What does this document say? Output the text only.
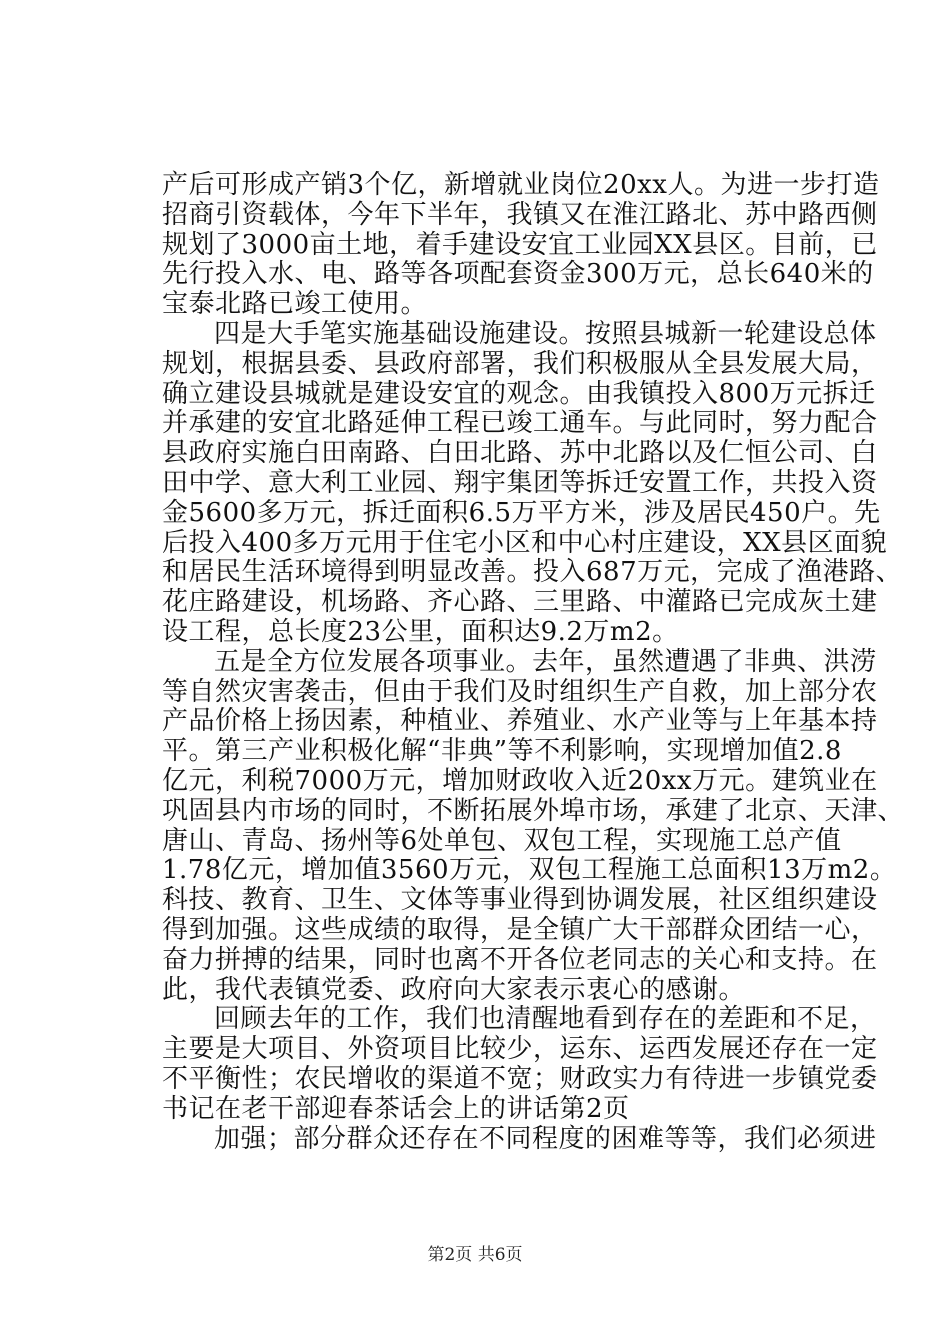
产后可形成产销3个亿，新增就业岗位20xx人。为进一步打造
招商引资载体，今年下半年，我镇又在淮江路北、苏中路西侧
规划了3000亩土地，着手建设安宜工业园XX县区。目前，已
先行投入水、电、路等各项配套资金300万元，总长640米的
宝泰北路已竣工使用。
四是大手笔实施基础设施建设。按照县城新一轮建设总体
规划，根据县委、县政府部署，我们积极服从全县发展大局，
确立建设县城就是建设安宜的观念。由我镇投入800万元拆迁
并承建的安宜北路延伸工程已竣工通车。与此同时，努力配合
县政府实施白田南路、白田北路、苏中北路以及仁恒公司、白
田中学、意大利工业园、翔宇集团等拆迁安置工作，共投入资
金5600多万元，拆迁面积6.5万平方米，涉及居民450户。先
后投入400多万元用于住宅小区和中心村庄建设，XX县区面貌
和居民生活环境得到明显改善。投入687万元，完成了渔港路、
花庄路建设，机场路、齐心路、三里路、中灌路已完成灰土建
设工程，总长度23公里，面积达9.2万m2。
五是全方位发展各项事业。去年，虽然遭遇了非典、洪涝
等自然灾害袭击，但由于我们及时组织生产自救，加上部分农
产品价格上扬因素，种植业、养殖业、水产业等与上年基本持
平。第三产业积极化解“非典”等不利影响，实现增加值2.8
亿元，利税7000万元，增加财政收入近20xx万元。建筑业在
巩固县内市场的同时，不断拓展外埠市场，承建了北京、天津、
唐山、青岛、扬州等6处单包、双包工程，实现施工总产值
1.78亿元，增加值3560万元，双包工程施工总面积13万m2。
科技、教育、卫生、文体等事业得到协调发展，社区组织建设
得到加强。这些成绩的取得，是全镇广大干部群众团结一心，
奋力拼搏的结果，同时也离不开各位老同志的关心和支持。在
此，我代表镇党委、政府向大家表示衷心的感谢。
回顾去年的工作，我们也清醒地看到存在的差距和不足，
主要是大项目、外资项目比较少，运东、运西发展还存在一定
不平衡性；农民增收的渠道不宽；财政实力有待进一步镇党委
书记在老干部迎春茶话会上的讲话第2页
加强；部分群众还存在不同程度的困难等等，我们必须进
第2页 共6页
